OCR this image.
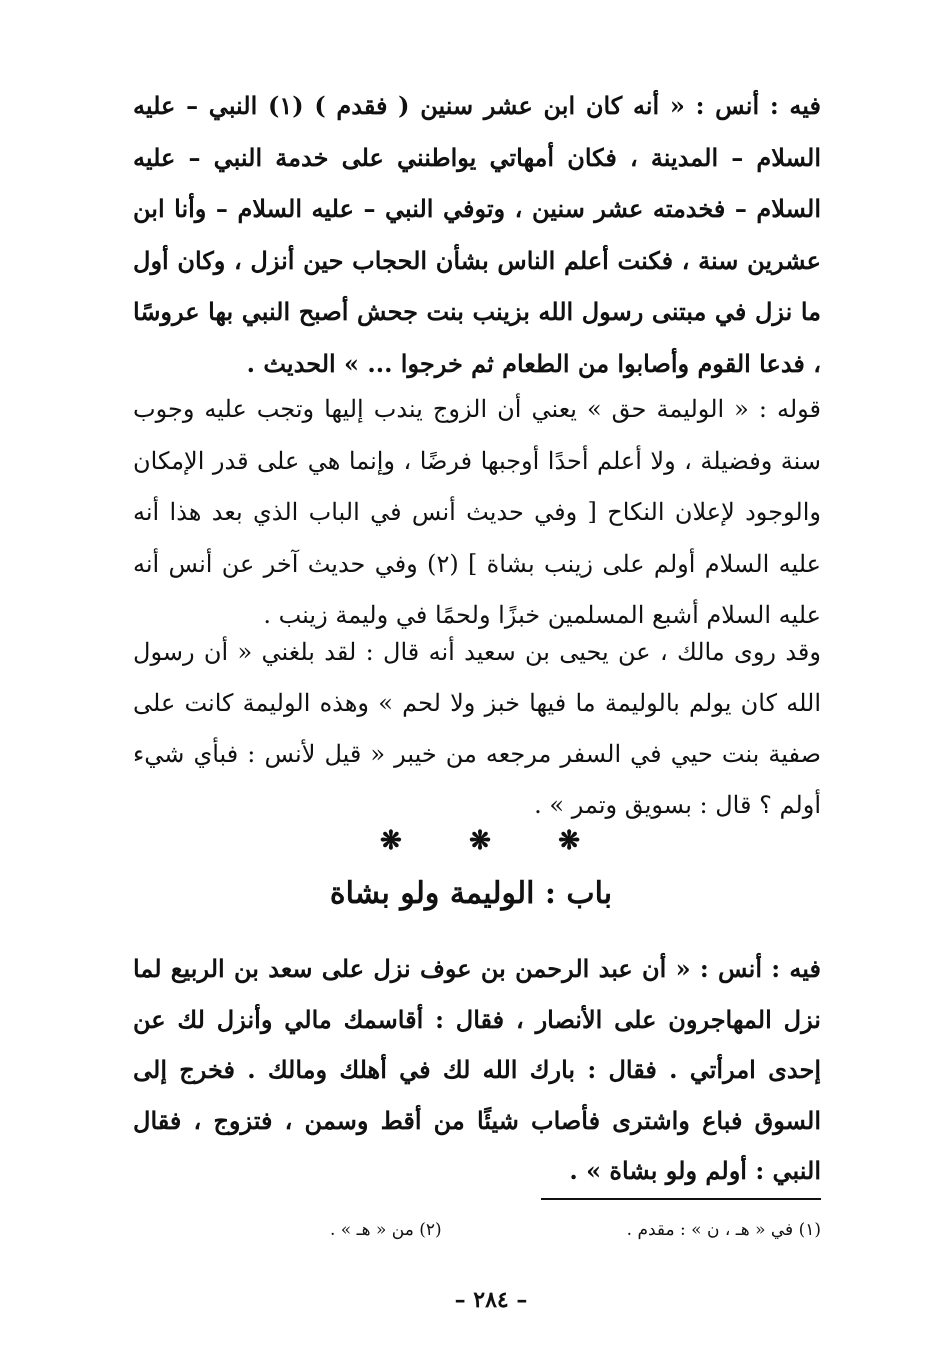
فيه : أنس : « أنه كان ابن عشر سنين ( فقدم ) (١) النبي – عليه السلام – المدينة ، فكان أمهاتي يواطنني على خدمة النبي – عليه السلام – فخدمته عشر سنين ، وتوفي النبي – عليه السلام – وأنا ابن عشرين سنة ، فكنت أعلم الناس بشأن الحجاب حين أنزل ، وكان أول ما نزل في مبتنى رسول الله بزينب بنت جحش أصبح النبي بها عروسًا ، فدعا القوم وأصابوا من الطعام ثم خرجوا ... » الحديث .

قوله : « الوليمة حق » يعني أن الزوج يندب إليها وتجب عليه وجوب سنة وفضيلة ، ولا أعلم أحدًا أوجبها فرضًا ، وإنما هي على قدر الإمكان والوجود لإعلان النكاح [ وفي حديث أنس في الباب الذي بعد هذا أنه عليه السلام أولم على زينب بشاة ] (٢) وفي حديث آخر عن أنس أنه عليه السلام أشبع المسلمين خبزًا ولحمًا في وليمة زينب .

وقد روى مالك ، عن يحيى بن سعيد أنه قال : لقد بلغني « أن رسول الله كان يولم بالوليمة ما فيها خبز ولا لحم » وهذه الوليمة كانت على صفية بنت حيي في السفر مرجعه من خيبر « قيل لأنس : فبأي شيء أولم ؟ قال : بسويق وتمر » .

فيه : أنس : « أن عبد الرحمن بن عوف نزل على سعد بن الربيع لما نزل المهاجرون على الأنصار ، فقال : أقاسمك مالي وأنزل لك عن إحدى امرأتي . فقال : بارك الله لك في أهلك ومالك . فخرج إلى السوق فباع واشترى فأصاب شيئًا من أقط وسمن ، فتزوج ، فقال النبي : أولم ولو بشاة » .

❋	❋	❋
باب : الوليمة ولو بشاة
(١) في « هـ ، ن » : مقدم .
(٢) من « هـ » .
– ٢٨٤ –
